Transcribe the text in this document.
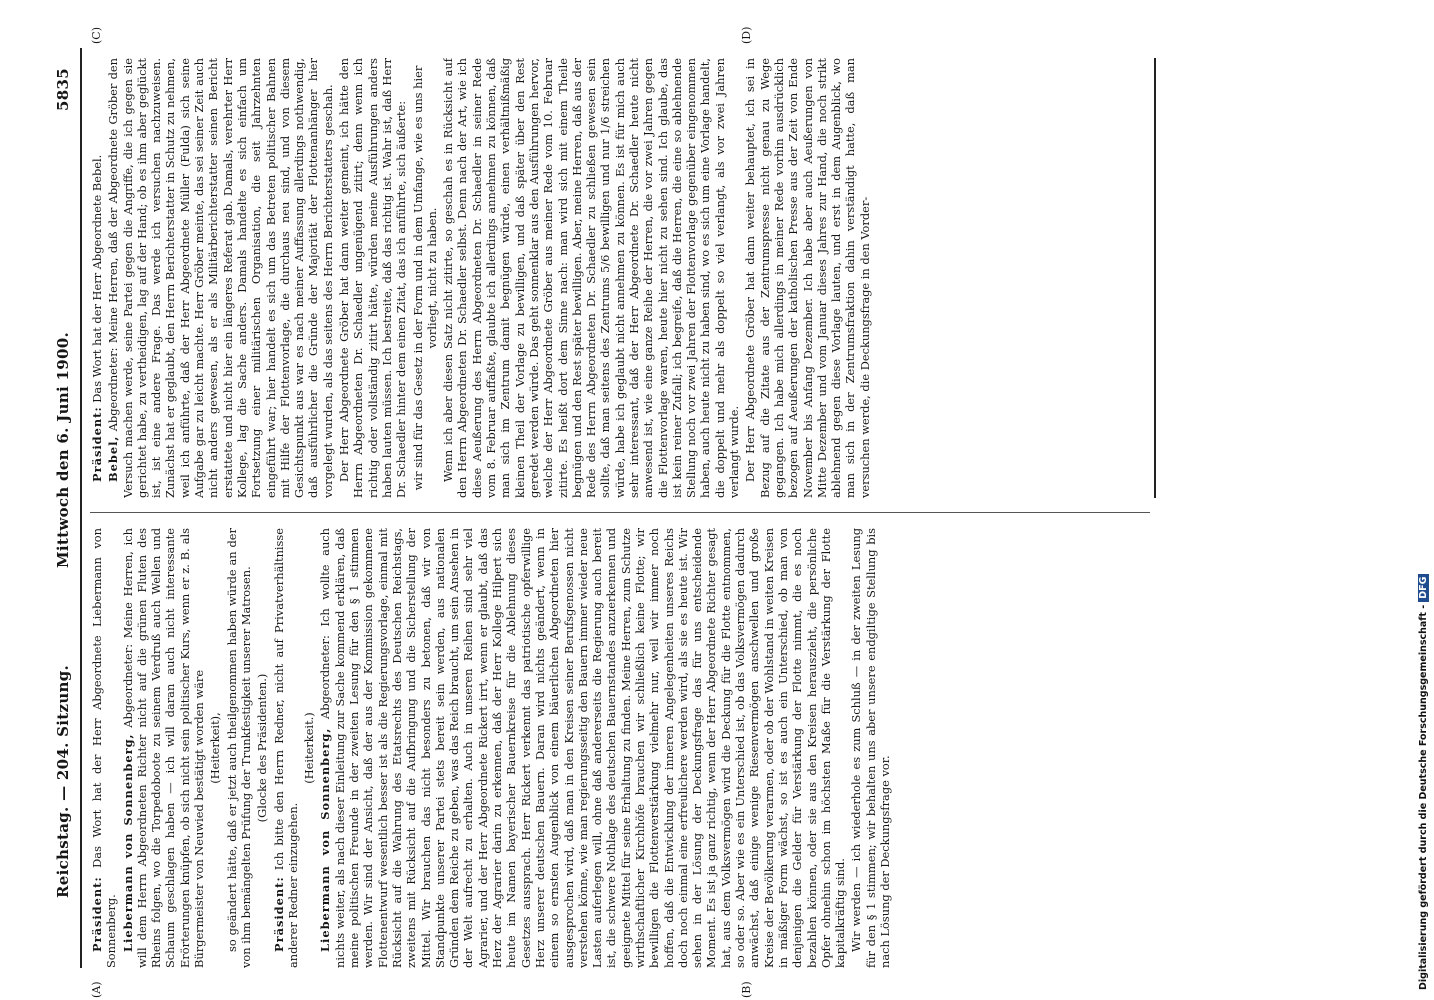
Reichstag. — 204. Sitzung.
Mittwoch den 6. Juni 1900.
5835

Präsident: Das Wort hat der Herr Abgeordnete Liebermann von Sonnenberg. Liebermann von Sonnenberg, Abgeordneter: Meine Herren, ich will dem Herrn Abgeordneten Richter nicht auf die grünen Fluten des Rheins folgen, wo die Torpedoboote zu seinem Verdruß auch Wellen und Schaum geschlagen haben — ich will daran auch nicht interessante Erörterungen knüpfen, ob sich nicht sein politischer Kurs, wenn er z. B. als Bürgermeister von Neuwied bestätigt worden wäre (Heiterkeit), so geändert hätte, daß er jetzt auch theilgenommen haben würde an der von ihm bemängelten Prüfung der Trunkfestigkeit unserer Matrosen. (Glocke des Präsidenten.)

Präsident: Ich bitte den Herrn Redner, nicht auf Privatverhältnisse anderer Redner einzugehen.

(Heiterkeit.) Liebermann von Sonnenberg, Abgeordneter: Ich wollte auch nichts weiter, als nach dieser Einleitung zur Sache kommend erklären, daß meine politischen Freunde in der zweiten Lesung für den § 1 stimmen werden. Wir sind der Ansicht, daß der aus der Kommission gekommene Flottenentwurf wesentlich besser ist als die Regierungsvorlage, einmal mit Rücksicht auf die Wahrung des Etatsrechts des Deutschen Reichstags, zweitens mit Rücksicht auf die Aufbringung und die Sicherstellung der Mittel. Wir brauchen das nicht besonders zu betonen, daß wir von Standpunkte unserer Partei stets bereit sein werden, aus nationalen Gründen dem Reiche zu geben, was das Reich braucht, um sein Ansehen in der Welt aufrecht zu erhalten. Auch in unseren Reihen sind sehr viel Agrarier, und der Herr Abgeordnete Rickert irrt, wenn er glaubt, daß das Herz der Agrarier darin zu erkennen, daß der Herr Kollege Hilpert sich heute im Namen bayerischer Bauernkreise für die Ablehnung dieses Gesetzes aussprach. Herr Rickert verkennt das patriotische opferwillige Herz unserer deutschen Bauern. Daran wird nichts geändert, wenn in einem so ernsten Augenblick von einem bäuerlichen Abgeordneten hier ausgesprochen wird, daß man in den Kreisen seiner Berufsgenossen nicht verstehen könne, wie man regierungsseitig den Bauern immer wieder neue Lasten auferlegen will, ohne daß andererseits die Regierung auch bereit ist, die schwere Nothlage des deutschen Bauernstandes anzuerkennen und geeignete Mittel für seine Erhaltung zu finden. Meine Herren, zum Schutze wirthschaftlicher Kirchhöfe brauchen wir schließlich keine Flotte; wir bewilligen die Flottenverstärkung vielmehr nur, weil wir immer noch hoffen, daß die Entwicklung der inneren Angelegenheiten unseres Reichs doch noch einmal eine erfreulichere werden wird, als sie es heute ist. Wir sehen in der Lösung der Deckungsfrage das für uns entscheidende Moment. Es ist ja ganz richtig, wenn der Herr Abgeordnete Richter gesagt hat, aus dem Volksvermögen wird die Deckung für die Flotte entnommen, so oder so. Aber wie es ein Unterschied ist, ob das Volksvermögen dadurch anwächst, daß einige wenige Riesenvermögen anschwellen und große Kreise der Bevölkerung verarmen, oder ob der Wohlstand in weiten Kreisen in mäßiger Form wächst, so ist es auch ein Unterschied, ob man von denjenigen die Gelder für Verstärkung der Flotte nimmt, die es noch bezahlen können, oder sie aus den Kreisen herauszieht, die persönliche Opfer ohnehin schon im höchsten Maße für die Verstärkung der Flotte kapitalkräftig sind. Wir werden — ich wiederhole es zum Schluß — in der zweiten Lesung für den § 1 stimmen; wir behalten uns aber unsere endgiltige Stellung bis nach Lösung der Deckungsfrage vor.

Präsident: Das Wort hat der Herr Abgeordnete Bebel.

Bebel, Abgeordneter: Meine Herren, daß der Abgeordnete Gröber den Versuch machen werde, seine Partei gegen die Angriffe, die ich gegen sie gerichtet habe, zu vertheidigen, lag auf der Hand; ob es ihm aber geglückt ist, ist eine andere Frage. Das werde ich versuchen nachzuweisen. Zunächst hat er geglaubt, den Herrn Berichterstatter in Schutz zu nehmen, weil ich anführte, daß der Herr Abgeordnete Müller (Fulda) sich seine Aufgabe gar zu leicht machte. Herr Gröber meinte, das sei seiner Zeit auch nicht anders gewesen, als er als Militärberichterstatter seinen Bericht erstattete und nicht hier ein längeres Referat gab. Damals, verehrter Herr Kollege, lag die Sache anders. Damals handelte es sich einfach um Fortsetzung einer militärischen Organisation, die seit Jahrzehnten eingeführt war; hier handelt es sich um das Betreten politischer Bahnen mit Hilfe der Flottenvorlage, die durchaus neu sind, und von diesem Gesichtspunkt aus war es nach meiner Auffassung allerdings nothwendig, daß ausführlicher die Gründe der Majorität der Flottenanhänger hier vorgelegt wurden, als das seitens des Herrn Berichterstatters geschah. Der Herr Abgeordnete Gröber hat dann weiter gemeint, ich hätte den Herrn Abgeordneten Dr. Schaedler ungenügend zitirt; denn wenn ich richtig oder vollständig zitirt hätte, würden meine Ausführungen anders haben lauten müssen. Ich bestreite, daß das richtig ist. Wahr ist, daß Herr Dr. Schaedler hinter dem einen Zitat, das ich anführte, sich äußerte: wir sind für das Gesetz in der Form und in dem Umfange, wie es uns hier vorliegt, nicht zu haben. Wenn ich aber diesen Satz nicht zitirte, so geschah es in Rücksicht auf den Herrn Abgeordneten Dr. Schaedler selbst. Denn nach der Art, wie ich diese Aeußerung des Herrn Abgeordneten Dr. Schaedler in seiner Rede vom 8. Februar auffaßte, glaubte ich allerdings annehmen zu können, daß man sich im Zentrum damit begnügen würde, einen verhältnißmäßig kleinen Theil der Vorlage zu bewilligen, und daß später über den Rest geredet werden würde. Das geht sonnenklar aus den Ausführungen hervor, welche der Herr Abgeordnete Gröber aus meiner Rede vom 10. Februar zitirte. Es heißt dort dem Sinne nach: man wird sich mit einem Theile begnügen und den Rest später bewilligen. Aber, meine Herren, daß aus der Rede des Herrn Abgeordneten Dr. Schaedler zu schließen gewesen sein sollte, daß man seitens des Zentrums 5/6 bewilligen und nur 1/6 streichen würde, habe ich geglaubt nicht annehmen zu können. Es ist für mich auch sehr interessant, daß der Herr Abgeordnete Dr. Schaedler heute nicht anwesend ist, wie eine ganze Reihe der Herren, die vor zwei Jahren gegen die Flottenvorlage waren, heute hier nicht zu sehen sind. Ich glaube, das ist kein reiner Zufall; ich begreife, daß die Herren, die eine so ablehnende Stellung noch vor zwei Jahren der Flottenvorlage gegenüber eingenommen haben, auch heute nicht zu haben sind, wo es sich um eine Vorlage handelt, die doppelt und mehr als doppelt so viel verlangt, als vor zwei Jahren verlangt wurde. Der Herr Abgeordnete Gröber hat dann weiter behauptet, ich sei in Bezug auf die Zitate aus der Zentrumspresse nicht genau zu Wege gegangen. Ich habe mich allerdings in meiner Rede vorhin ausdrücklich bezogen auf Aeußerungen der katholischen Presse aus der Zeit von Ende November bis Anfang Dezember. Ich habe aber auch Aeußerungen von Mitte Dezember und vom Januar dieses Jahres zur Hand, die noch strikt ablehnend gegen diese Vorlage lauten, und erst in dem Augenblick, wo man sich in der Zentrumsfraktion dahin verständigt hatte, daß man versuchen werde, die Deckungsfrage in den Vorder-

(A)	(B)
(C)	(D)
Digitalisierung gefördert durch die Deutsche Forschungsgemeinschaft -DFG
